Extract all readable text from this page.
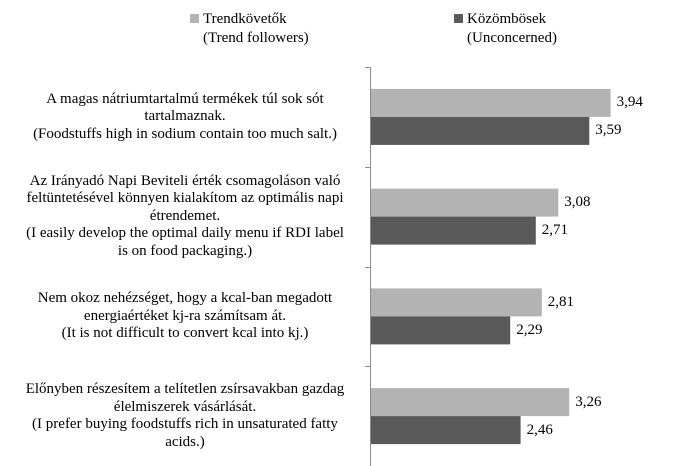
Trendkövetők
(Trend followers)
Közömbösek
(Unconcerned)
A magas nátriumtartalmú termékek túl sok sót
tartalmaznak.
(Foodstuffs high in sodium contain too much salt.)
Az Irányadó Napi Beviteli érték csomagoláson való
feltüntetésével könnyen kialakítom az optimális napi
étrendemet.
(I easily develop the optimal daily menu if RDI label
is on food packaging.)
Nem okoz nehézséget, hogy a kcal-ban megadott
energiaértéket kj-ra számítsam át.
(It is not difficult to convert kcal into kj.)
Előnyben részesítem a telítetlen zsírsavakban gazdag
élelmiszerek vásárlását.
(I prefer buying foodstuffs rich in unsaturated fatty
acids.)
3,94
3,59
3,08
2,71
2,81
2,29
3,26
2,46
